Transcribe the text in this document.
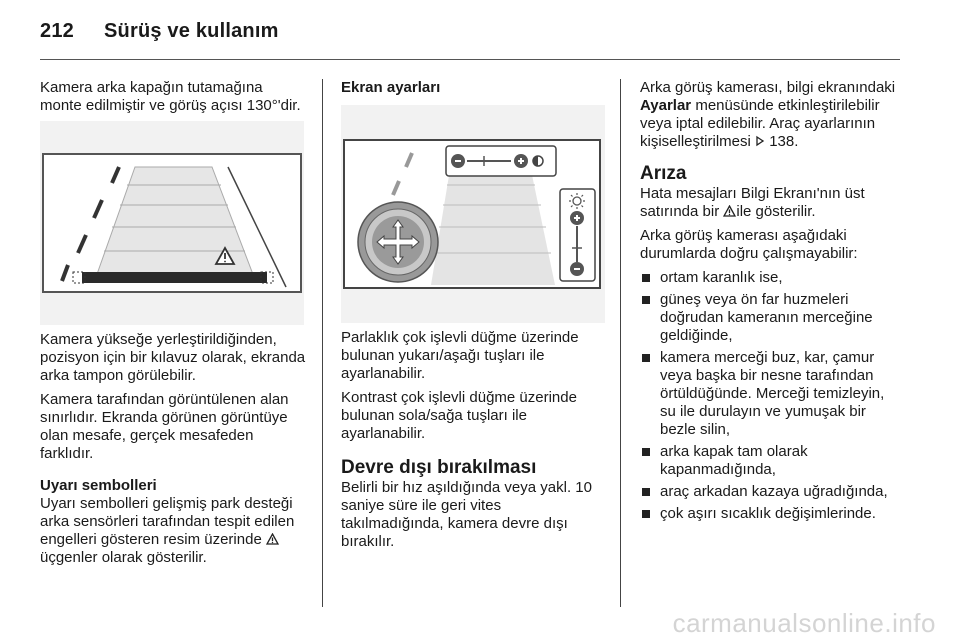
212 Sürüş ve kullanım

Kamera arka kapağın tutamağına monte edilmiştir ve görüş açısı 130°'dir.

Kamera yükseğe yerleştirildiğinden, pozisyon için bir kılavuz olarak, ekranda arka tampon görülebilir.

Kamera tarafından görüntülenen alan sınırlıdır. Ekranda görünen görüntüye olan mesafe, gerçek mesafeden farklıdır.

Uyarı sembolleri

Uyarı sembolleri gelişmiş park desteği arka sensörleri tarafından tespit edilen engelleri gösteren resim üzerinde  üçgenler olarak gösterilir.

Ekran ayarları

Parlaklık çok işlevli düğme üzerinde bulunan yukarı/aşağı tuşları ile ayarlanabilir.

Kontrast çok işlevli düğme üzerinde bulunan sola/sağa tuşları ile ayarlanabilir.

Devre dışı bırakılması

Belirli bir hız aşıldığında veya yakl. 10 saniye süre ile geri vites takılmadığında, kamera devre dışı bırakılır.

Arka görüş kamerası, bilgi ekranındaki Ayarlar menüsünde etkinleştirilebilir veya iptal edilebilir. Araç ayarlarının kişiselleştirilmesi  138.

Arıza

Hata mesajları Bilgi Ekranı'nın üst satırında bir ile gösterilir.

Arka görüş kamerası aşağıdaki durumlarda doğru çalışmayabilir:

ortam karanlık ise,
güneş veya ön far huzmeleri doğrudan kameranın merceğine geldiğinde,
kamera merceği buz, kar, çamur veya başka bir nesne tarafından örtüldüğünde. Merceği temizleyin, su ile durulayın ve yumuşak bir bezle silin,
arka kapak tam olarak kapanmadığında,
araç arkadan kazaya uğradığında,
çok aşırı sıcaklık değişimlerinde.
carmanualsonline.info
